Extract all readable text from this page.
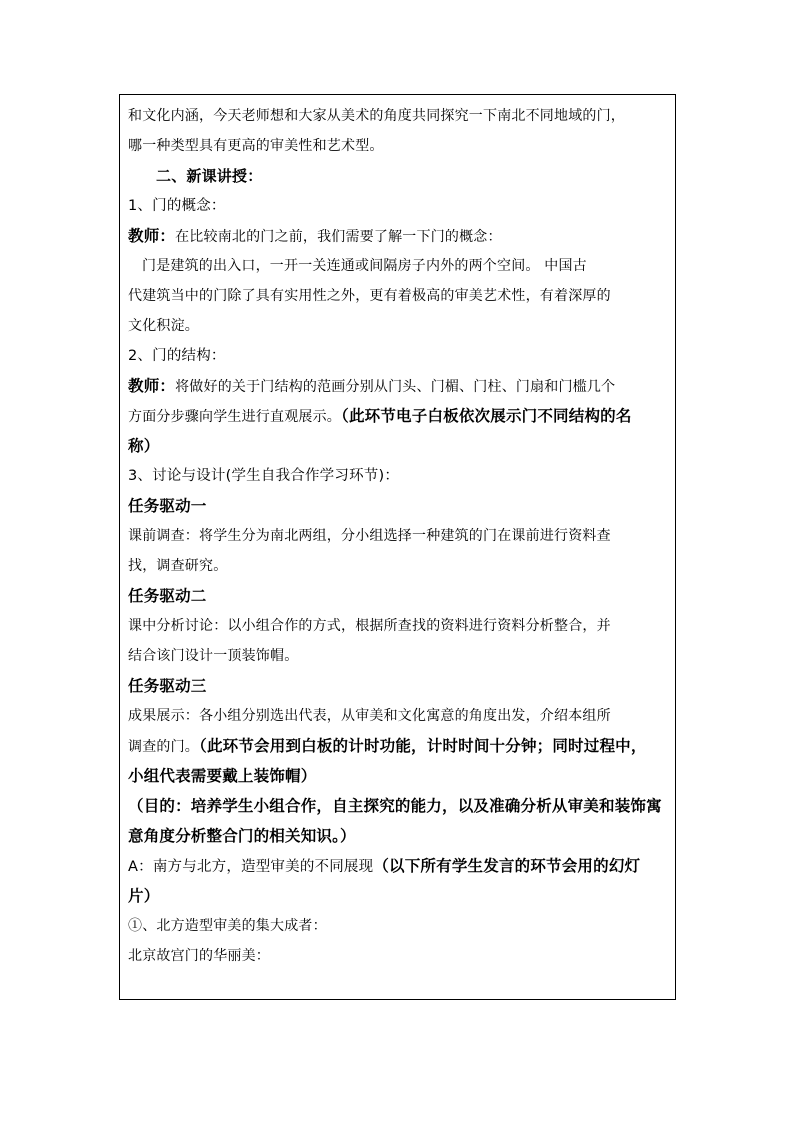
和文化内涵，今天老师想和大家从美术的角度共同探究一下南北不同地域的门，
哪一种类型具有更高的审美性和艺术型。
二、新课讲授：
1、门的概念：
教师：在比较南北的门之前，我们需要了解一下门的概念：
门是建筑的出入口，一开一关连通或间隔房子内外的两个空间。 中国古
代建筑当中的门除了具有实用性之外，更有着极高的审美艺术性，有着深厚的
文化积淀。
2、门的结构：
教师：将做好的关于门结构的范画分别从门头、门楣、门柱、门扇和门槛几个
方面分步骤向学生进行直观展示。（此环节电子白板依次展示门不同结构的名
称）
3、讨论与设计(学生自我合作学习环节)：
任务驱动一
课前调查：将学生分为南北两组，分小组选择一种建筑的门在课前进行资料查
找，调查研究。
任务驱动二
课中分析讨论：以小组合作的方式，根据所查找的资料进行资料分析整合，并
结合该门设计一顶装饰帽。
任务驱动三
成果展示：各小组分别选出代表，从审美和文化寓意的角度出发，介绍本组所
调查的门。（此环节会用到白板的计时功能，计时时间十分钟；同时过程中，
小组代表需要戴上装饰帽）
（目的：培养学生小组合作，自主探究的能力，以及准确分析从审美和装饰寓
意角度分析整合门的相关知识。）
A：南方与北方，造型审美的不同展现（以下所有学生发言的环节会用的幻灯
片）
①、北方造型审美的集大成者：
北京故宫门的华丽美：
